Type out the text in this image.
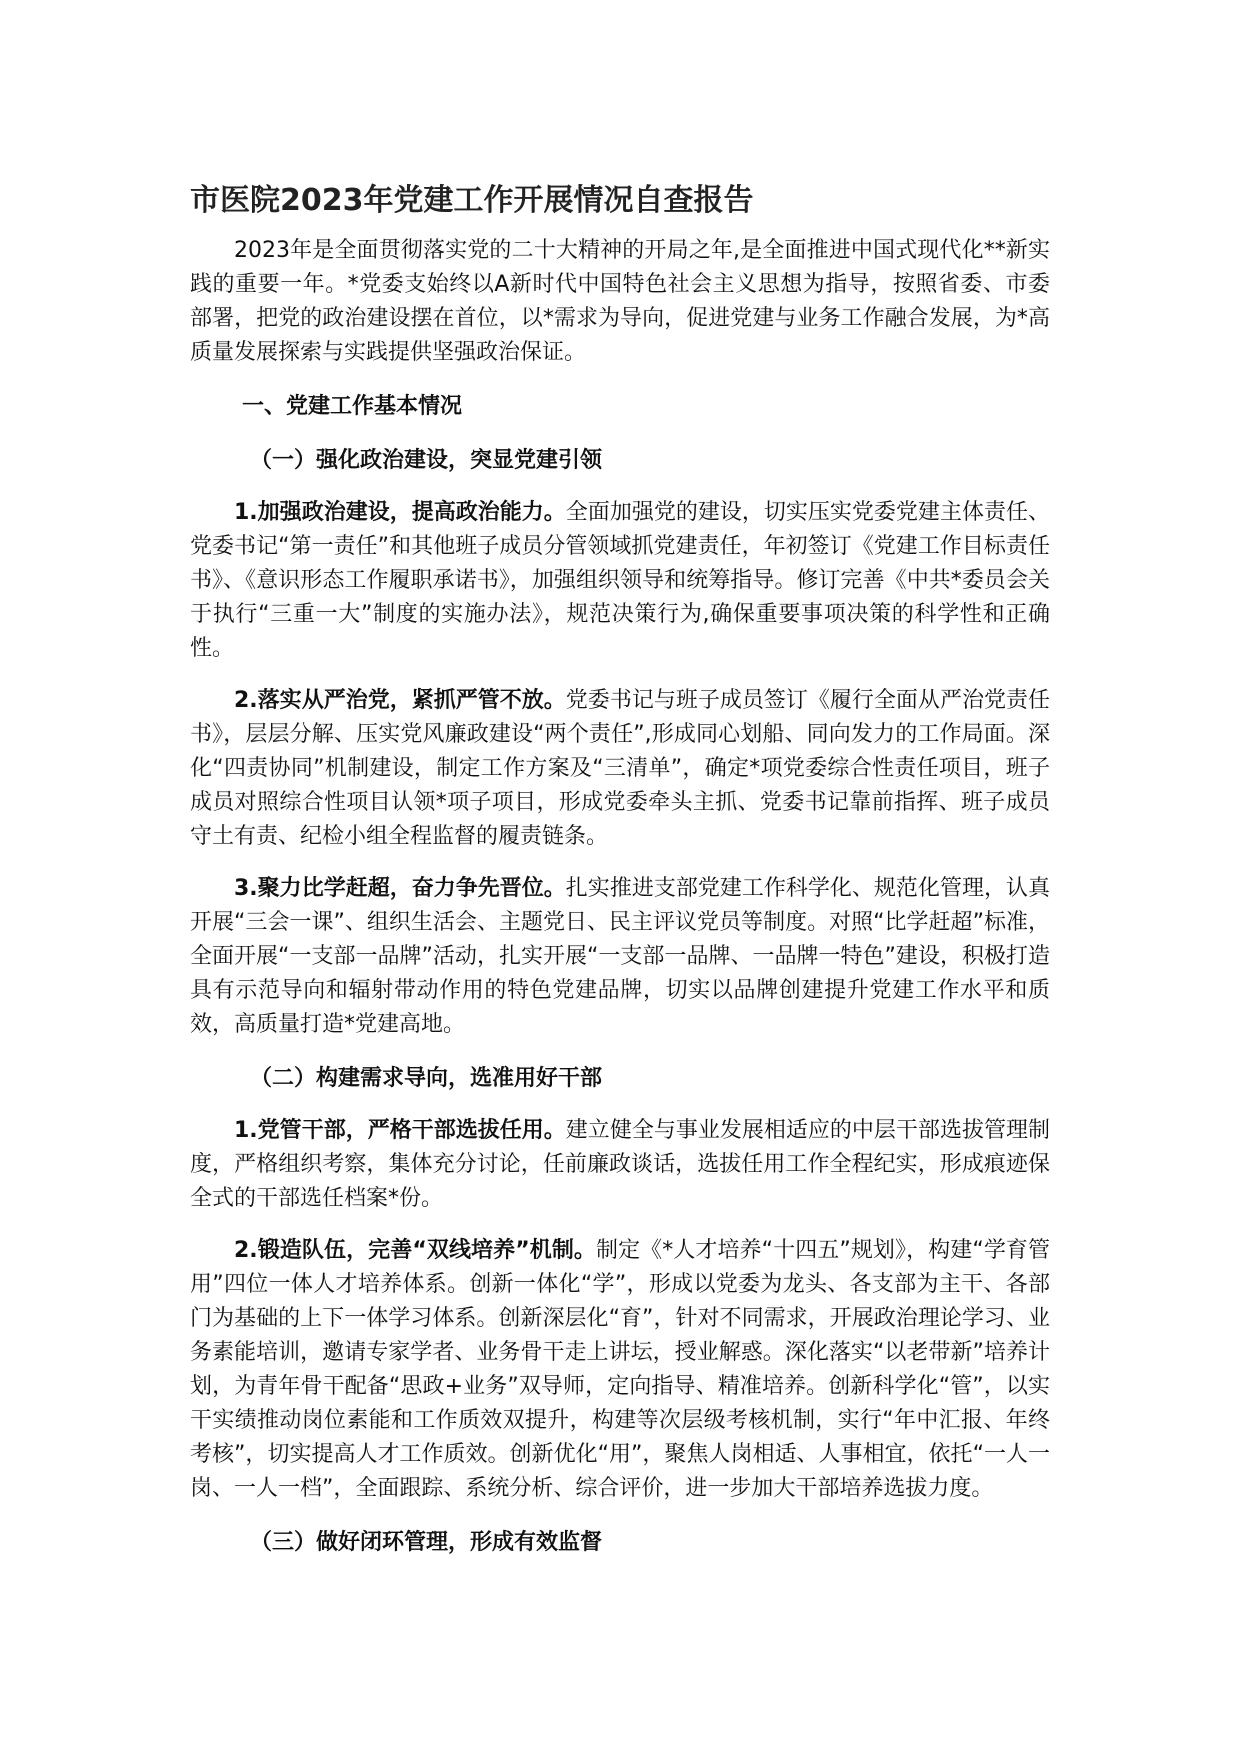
市医院2023年党建工作开展情况自查报告

2023年是全面贯彻落实党的二十大精神的开局之年,是全面推进中国式现代化**新实践的重要一年。*党委支始终以A新时代中国特色社会主义思想为指导，按照省委、市委部署，把党的政治建设摆在首位，以*需求为导向，促进党建与业务工作融合发展，为*高质量发展探索与实践提供坚强政治保证。

一、党建工作基本情况

（一）强化政治建设，突显党建引领

1.加强政治建设，提高政治能力。全面加强党的建设，切实压实党委党建主体责任、党委书记“第一责任”和其他班子成员分管领域抓党建责任，年初签订《党建工作目标责任书》、《意识形态工作履职承诺书》，加强组织领导和统筹指导。修订完善《中共*委员会关于执行“三重一大”制度的实施办法》，规范决策行为,确保重要事项决策的科学性和正确性。

2.落实从严治党，紧抓严管不放。党委书记与班子成员签订《履行全面从严治党责任书》，层层分解、压实党风廉政建设“两个责任”,形成同心划船、同向发力的工作局面。深化“四责协同”机制建设，制定工作方案及“三清单”，确定*项党委综合性责任项目，班子成员对照综合性项目认领*项子项目，形成党委牵头主抓、党委书记靠前指挥、班子成员守土有责、纪检小组全程监督的履责链条。

3.聚力比学赶超，奋力争先晋位。扎实推进支部党建工作科学化、规范化管理，认真开展“三会一课”、组织生活会、主题党日、民主评议党员等制度。对照“比学赶超”标准，全面开展“一支部一品牌”活动，扎实开展“一支部一品牌、一品牌一特色”建设，积极打造具有示范导向和辐射带动作用的特色党建品牌，切实以品牌创建提升党建工作水平和质效，高质量打造*党建高地。

（二）构建需求导向，选准用好干部

1.党管干部，严格干部选拔任用。建立健全与事业发展相适应的中层干部选拔管理制度，严格组织考察，集体充分讨论，任前廉政谈话，选拔任用工作全程纪实，形成痕迹保全式的干部选任档案*份。

2.锻造队伍，完善“双线培养”机制。制定《*人才培养“十四五”规划》，构建“学育管用”四位一体人才培养体系。创新一体化“学”，形成以党委为龙头、各支部为主干、各部门为基础的上下一体学习体系。创新深层化“育”，针对不同需求，开展政治理论学习、业务素能培训，邀请专家学者、业务骨干走上讲坛，授业解惑。深化落实“以老带新”培养计划，为青年骨干配备“思政+业务”双导师，定向指导、精准培养。创新科学化“管”，以实干实绩推动岗位素能和工作质效双提升，构建等次层级考核机制，实行“年中汇报、年终考核”，切实提高人才工作质效。创新优化“用”，聚焦人岗相适、人事相宜，依托“一人一岗、一人一档”，全面跟踪、系统分析、综合评价，进一步加大干部培养选拔力度。

（三）做好闭环管理，形成有效监督
